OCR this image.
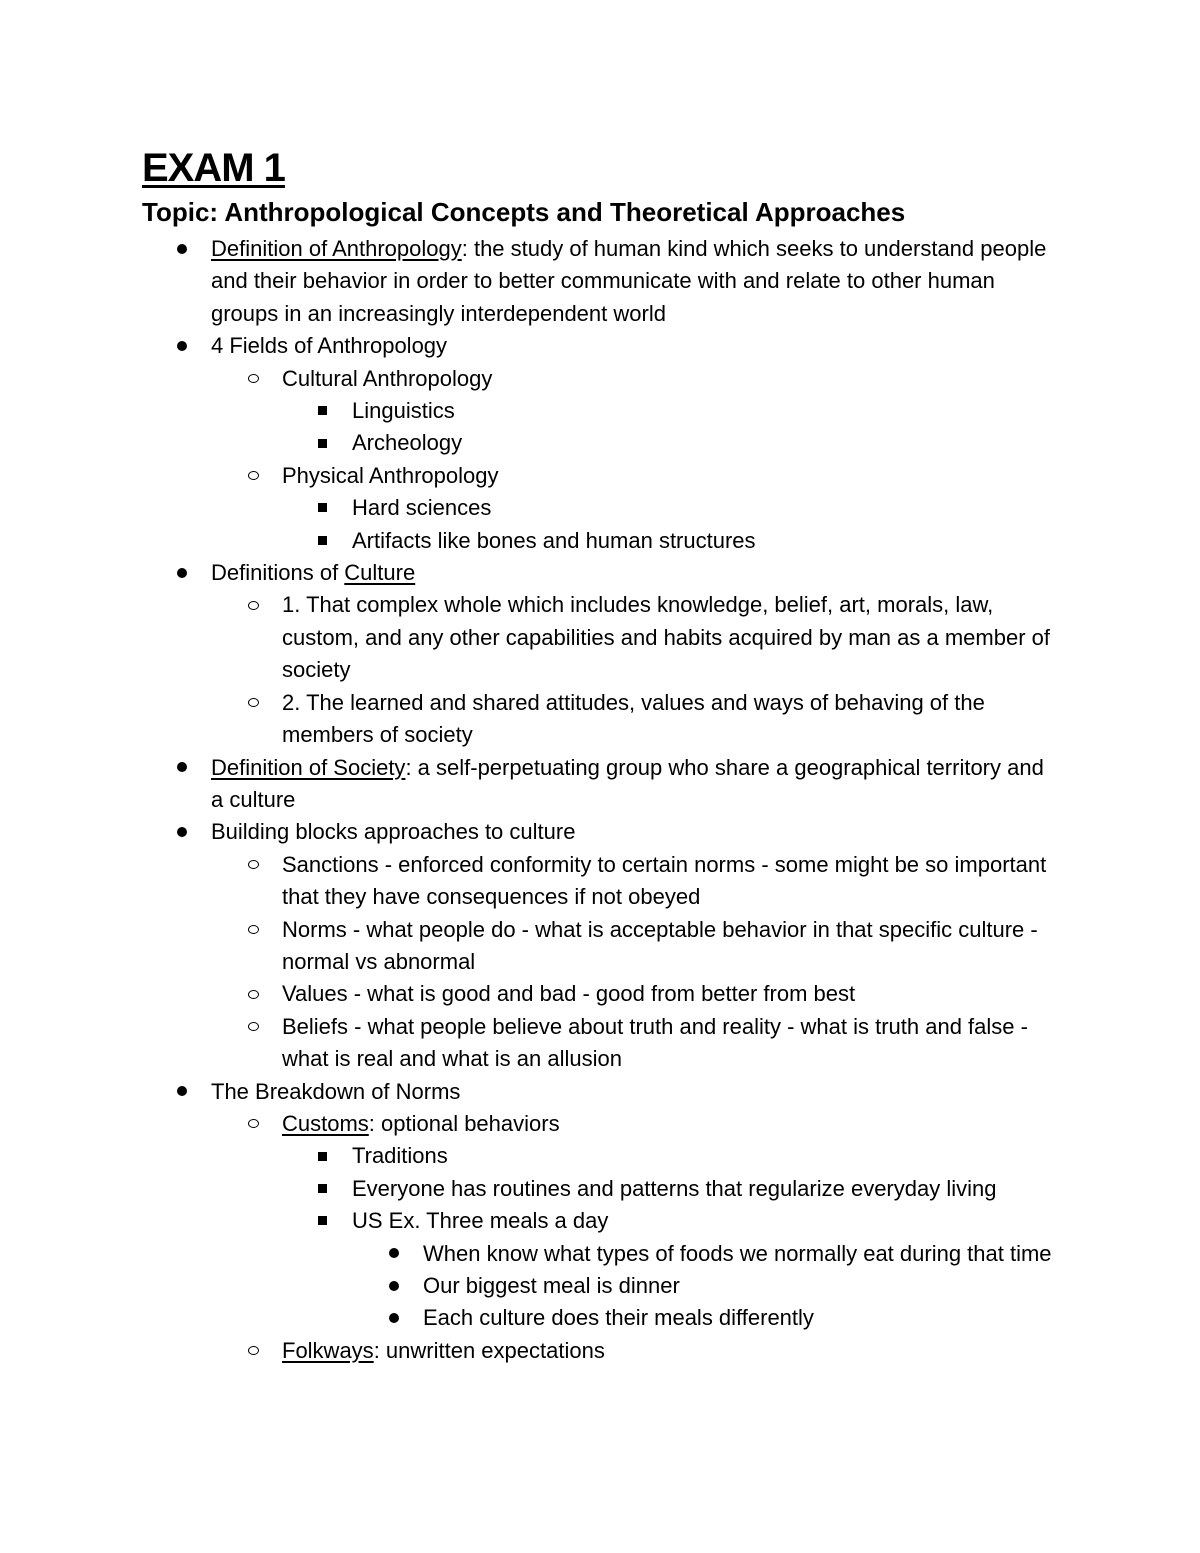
EXAM 1
Topic: Anthropological Concepts and Theoretical Approaches
Definition of Anthropology: the study of human kind which seeks to understand people and their behavior in order to better communicate with and relate to other human groups in an increasingly interdependent world
4 Fields of Anthropology
Cultural Anthropology
Linguistics
Archeology
Physical Anthropology
Hard sciences
Artifacts like bones and human structures
Definitions of Culture
1. That complex whole which includes knowledge, belief, art, morals, law, custom, and any other capabilities and habits acquired by man as a member of society
2. The learned and shared attitudes, values and ways of behaving of the members of society
Definition of Society: a self-perpetuating group who share a geographical territory and a culture
Building blocks approaches to culture
Sanctions - enforced conformity to certain norms - some might be so important that they have consequences if not obeyed
Norms - what people do - what is acceptable behavior in that specific culture - normal vs abnormal
Values - what is good and bad - good from better from best
Beliefs - what people believe about truth and reality - what is truth and false - what is real and what is an allusion
The Breakdown of Norms
Customs: optional behaviors
Traditions
Everyone has routines and patterns that regularize everyday living
US Ex. Three meals a day
When know what types of foods we normally eat during that time
Our biggest meal is dinner
Each culture does their meals differently
Folkways: unwritten expectations
